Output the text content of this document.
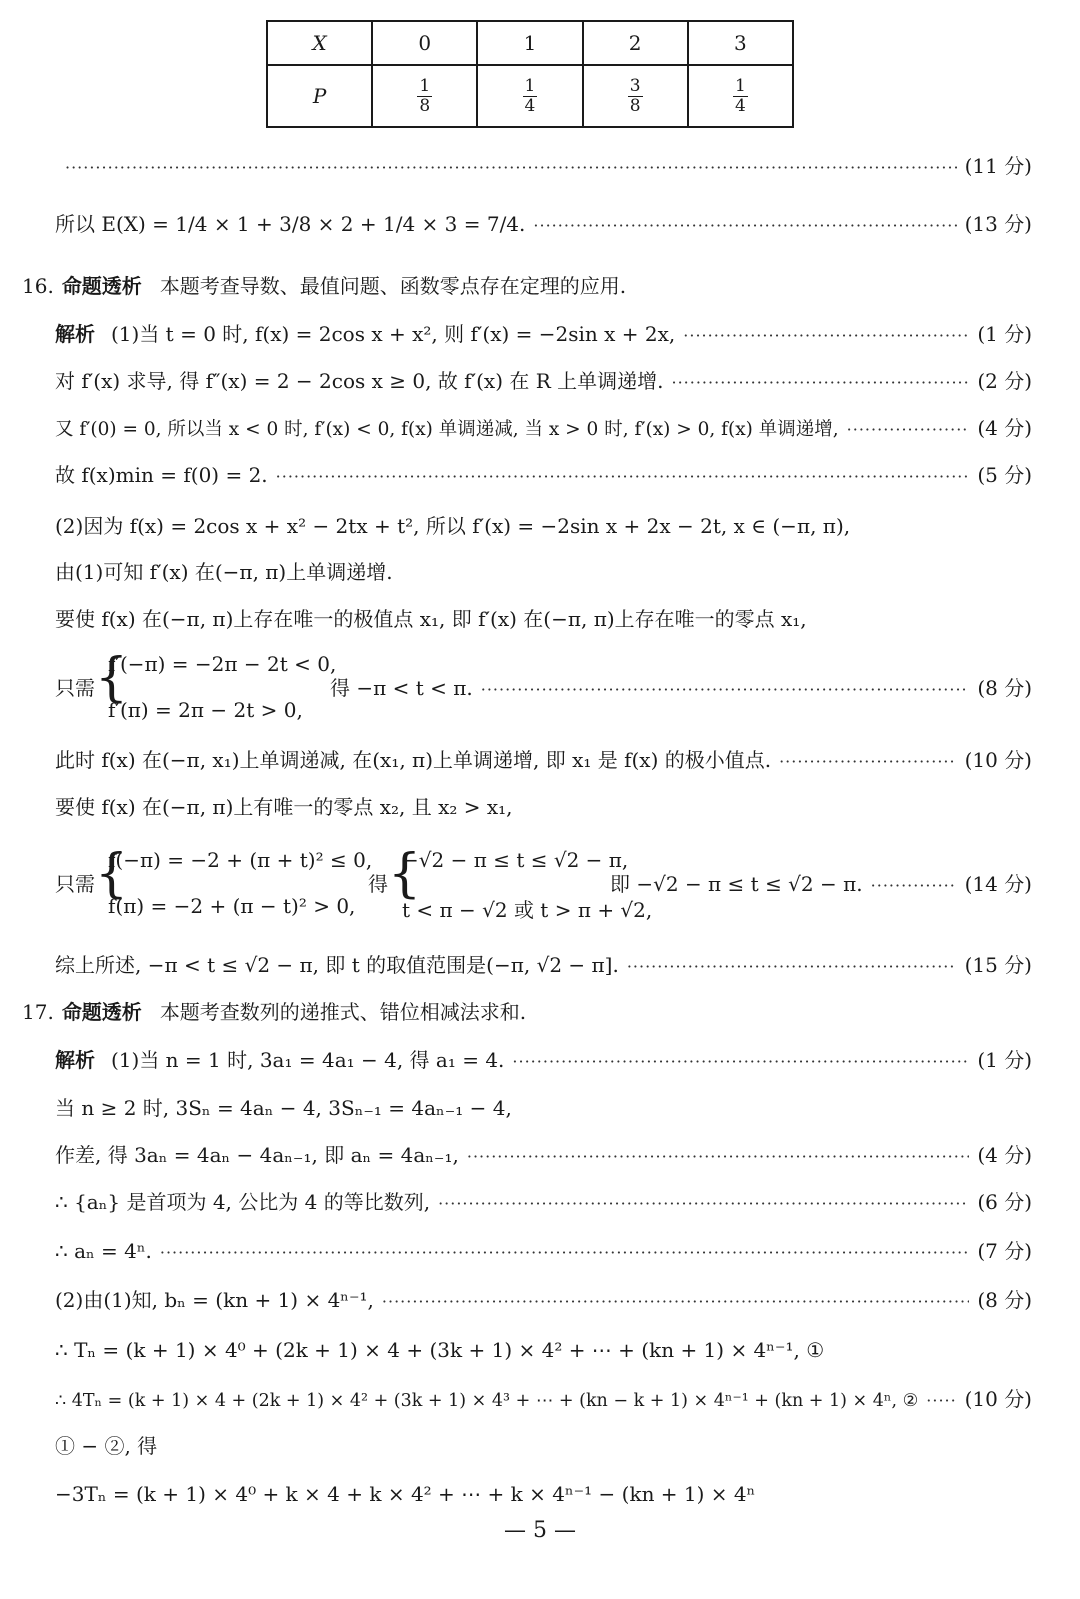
X	0	1	2	3
P	$\frac{1}{8}$	$\frac{1}{4}$	$\frac{3}{8}$	$\frac{1}{4}$
·····
(11 分)
所以 E(X) = 1/4 × 1 + 3/8 × 2 + 1/4 × 3 = 7/4. ·····	(13 分)
16. 命题透析 本题考查导数、最值问题、函数零点存在定理的应用.
解析 (1)当 t = 0 时, f(x) = 2cos x + x², 则 f′(x) = −2sin x + 2x, ·····	(1 分)
对 f′(x) 求导, 得 f″(x) = 2 − 2cos x ≥ 0, 故 f′(x) 在 R 上单调递增. ·····	(2 分)
又 f′(0) = 0, 所以当 x < 0 时, f′(x) < 0, f(x) 单调递减, 当 x > 0 时, f′(x) > 0, f(x) 单调递增, ·····	(4 分)
故 f(x)min = f(0) = 2. ·····	(5 分)
(2)因为 f(x) = 2cos x + x² − 2tx + t², 所以 f′(x) = −2sin x + 2x − 2t, x ∈ (−π, π),
由(1)可知 f′(x) 在(−π, π)上单调递增.
要使 f(x) 在(−π, π)上存在唯一的极值点 x₁, 即 f′(x) 在(−π, π)上存在唯一的零点 x₁,
只需 {
f′(−π) = −2π − 2t < 0,
f′(π) = 2π − 2t > 0,
得 −π < t < π. ·····	(8 分)
此时 f(x) 在(−π, x₁)上单调递减, 在(x₁, π)上单调递增, 即 x₁ 是 f(x) 的极小值点. ·····	(10 分)
要使 f(x) 在(−π, π)上有唯一的零点 x₂, 且 x₂ > x₁,
只需 {
f(−π) = −2 + (π + t)² ≤ 0,
f(π) = −2 + (π − t)² > 0,
得 {
−√2 − π ≤ t ≤ √2 − π,
t < π − √2 或 t > π + √2,
即 −√2 − π ≤ t ≤ √2 − π. ·····	(14 分)
综上所述, −π < t ≤ √2 − π, 即 t 的取值范围是(−π, √2 − π]. ·····	(15 分)
17. 命题透析 本题考查数列的递推式、错位相减法求和.
解析 (1)当 n = 1 时, 3a₁ = 4a₁ − 4, 得 a₁ = 4. ·····	(1 分)
当 n ≥ 2 时, 3Sₙ = 4aₙ − 4, 3Sₙ₋₁ = 4aₙ₋₁ − 4,
作差, 得 3aₙ = 4aₙ − 4aₙ₋₁, 即 aₙ = 4aₙ₋₁, ·····	(4 分)
∴ {aₙ} 是首项为 4, 公比为 4 的等比数列, ·····	(6 分)
∴ aₙ = 4ⁿ. ·····	(7 分)
(2)由(1)知, bₙ = (kn + 1) × 4ⁿ⁻¹, ·····	(8 分)
∴ Tₙ = (k + 1) × 4⁰ + (2k + 1) × 4 + (3k + 1) × 4² + ⋯ + (kn + 1) × 4ⁿ⁻¹, ①
∴ 4Tₙ = (k + 1) × 4 + (2k + 1) × 4² + (3k + 1) × 4³ + ⋯ + (kn − k + 1) × 4ⁿ⁻¹ + (kn + 1) × 4ⁿ, ② ····· (10 分)
① − ②, 得
−3Tₙ = (k + 1) × 4⁰ + k × 4 + k × 4² + ⋯ + k × 4ⁿ⁻¹ − (kn + 1) × 4ⁿ
— 5 —
